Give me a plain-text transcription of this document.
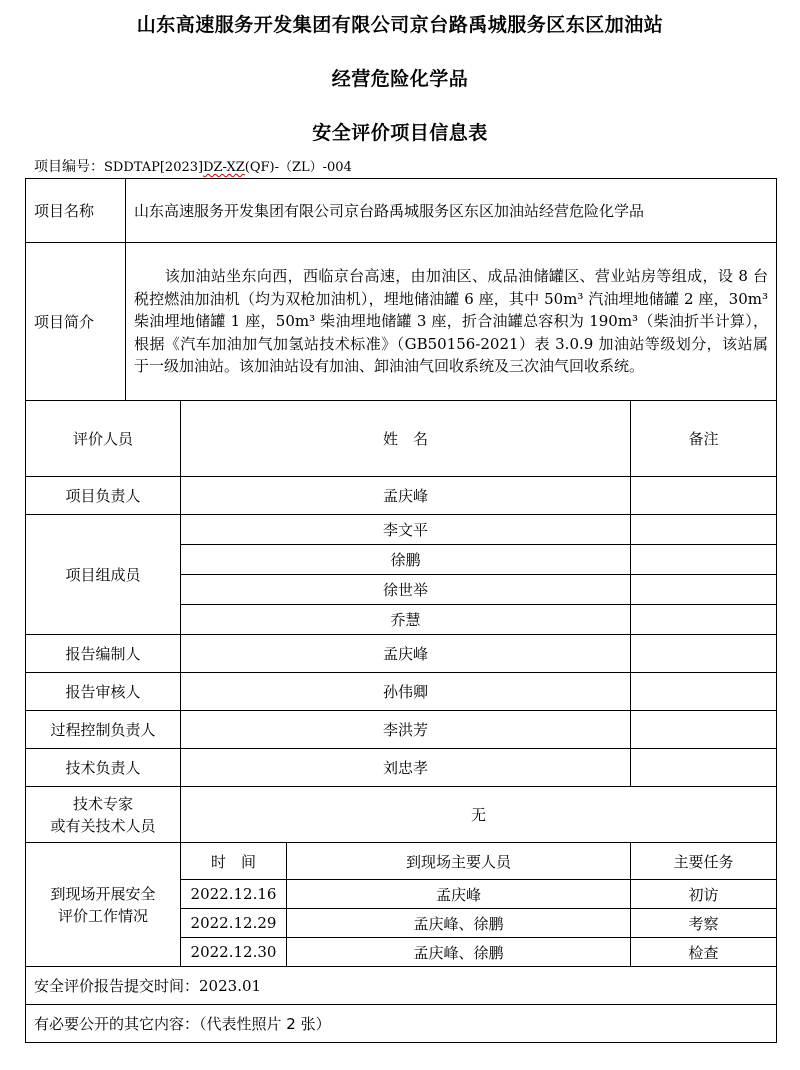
山东高速服务开发集团有限公司京台路禹城服务区东区加油站
经营危险化学品
安全评价项目信息表
项目编号：SDDTAP[2023]DZ-XZ(QF)-（ZL）-004
项目名称	山东高速服务开发集团有限公司京台路禹城服务区东区加油站经营危险化学品			
项目简介	　　该加油站坐东向西，西临京台高速，由加油区、成品油储罐区、营业站房等组成，设 8 台税控燃油加油机（均为双枪加油机），埋地储油罐 6 座，其中 50m³ 汽油埋地储罐 2 座，30m³ 柴油埋地储罐 1 座，50m³ 柴油埋地储罐 3 座，折合油罐总容积为 190m³（柴油折半计算），根据《汽车加油加气加氢站技术标准》（GB50156-2021）表 3.0.9 加油站等级划分，该站属于一级加油站。该加油站设有加油、卸油油气回收系统及三次油气回收系统。			
评价人员		姓　名		备注
项目负责人		孟庆峰		
项目组成员		李文平		
		徐鹏		
		徐世举		
		乔慧		
报告编制人		孟庆峰		
报告审核人		孙伟卿		
过程控制负责人		李洪芳		
技术负责人		刘忠孝		

技术专家
或有关技术人员		无		

到现场开展安全
评价工作情况		时　间	到现场主要人员	主要任务
		2022.12.16	孟庆峰	初访
		2022.12.29	孟庆峰、徐鹏	考察
		2022.12.30	孟庆峰、徐鹏	检查
安全评价报告提交时间：2023.01				
有必要公开的其它内容：（代表性照片 2 张）				
